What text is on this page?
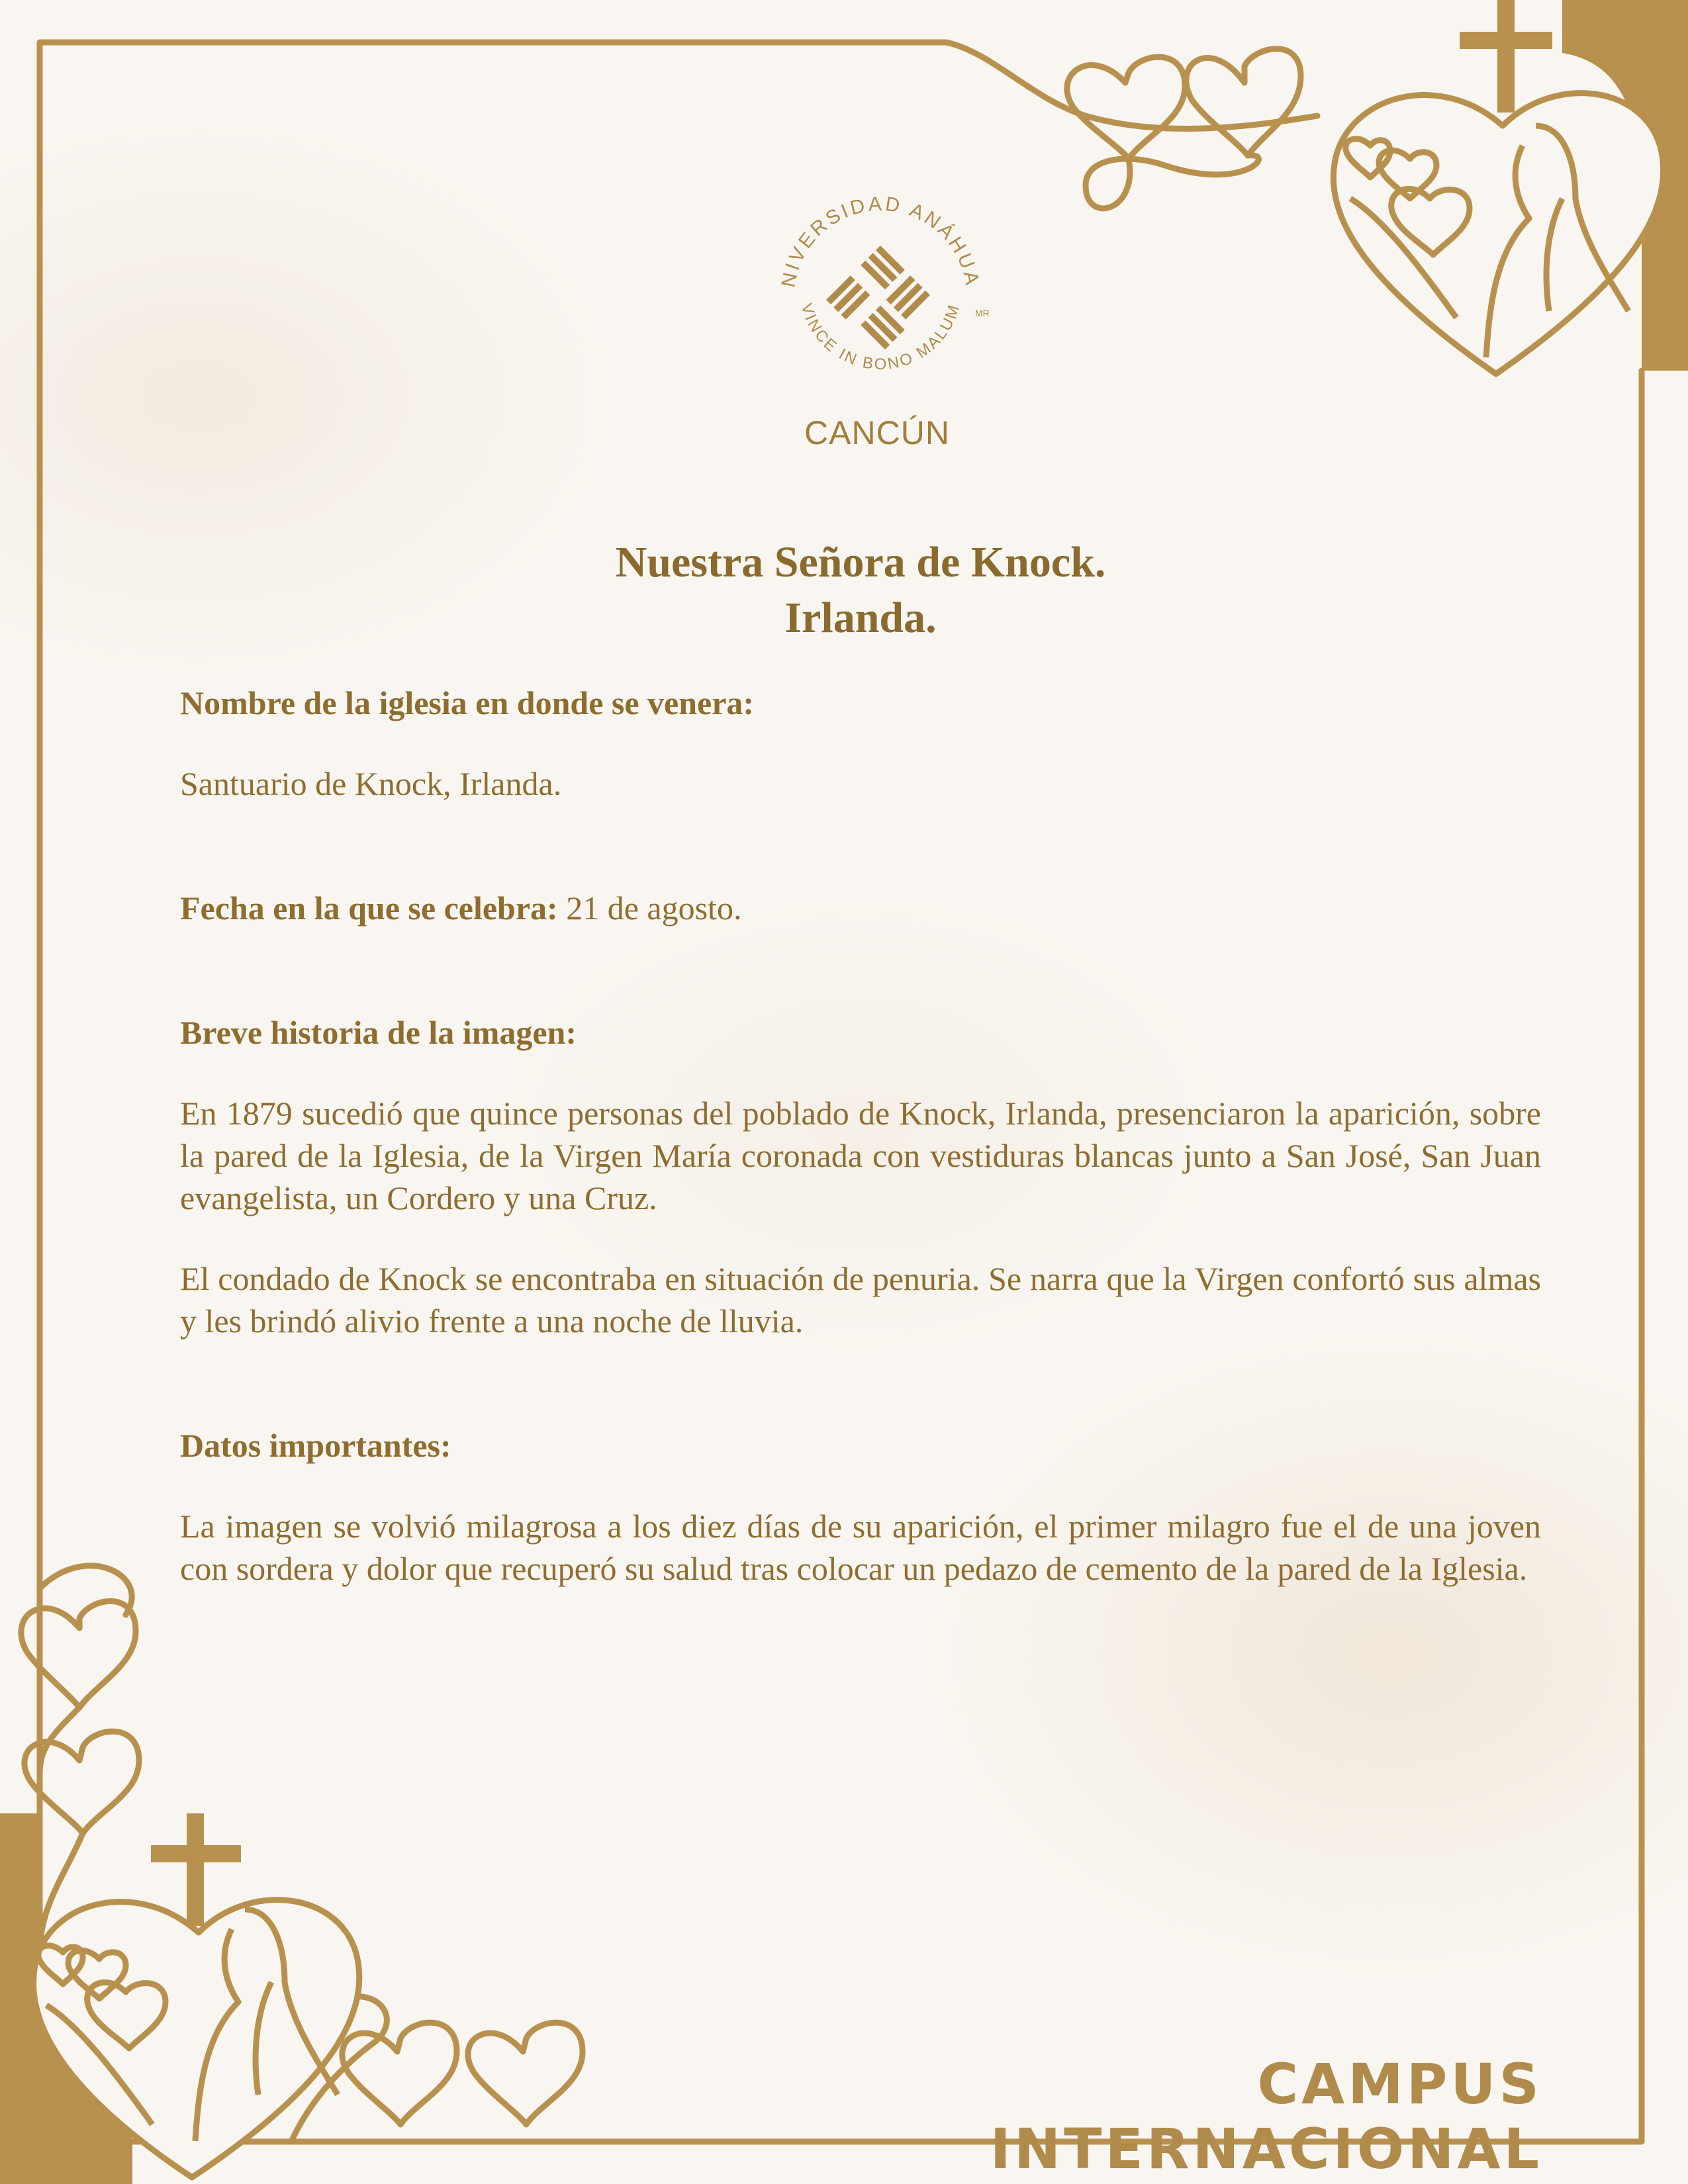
NIVERSIDAD ANÁHUA
VINCE IN BONO MALUM MR
CANCÚN
Nuestra Señora de Knock.
Irlanda.

Nombre de la iglesia en donde se venera:

Santuario de Knock, Irlanda.

Fecha en la que se celebra: 21 de agosto.

Breve historia de la imagen:

En 1879 sucedió que quince personas del poblado de Knock, Irlanda, presenciaron la aparición, sobre la pared de la Iglesia, de la Virgen María coronada con vestiduras blancas junto a San José, San Juan evangelista, un Cordero y una Cruz.

El condado de Knock se encontraba en situación de penuria. Se narra que la Virgen confortó sus almas y les brindó alivio frente a una noche de lluvia.

Datos importantes:

La imagen se volvió milagrosa a los diez días de su aparición, el primer milagro fue el de una joven con sordera y dolor que recuperó su salud tras colocar un pedazo de cemento de la pared de la Iglesia.

CAMPUS INTERNACIONAL
